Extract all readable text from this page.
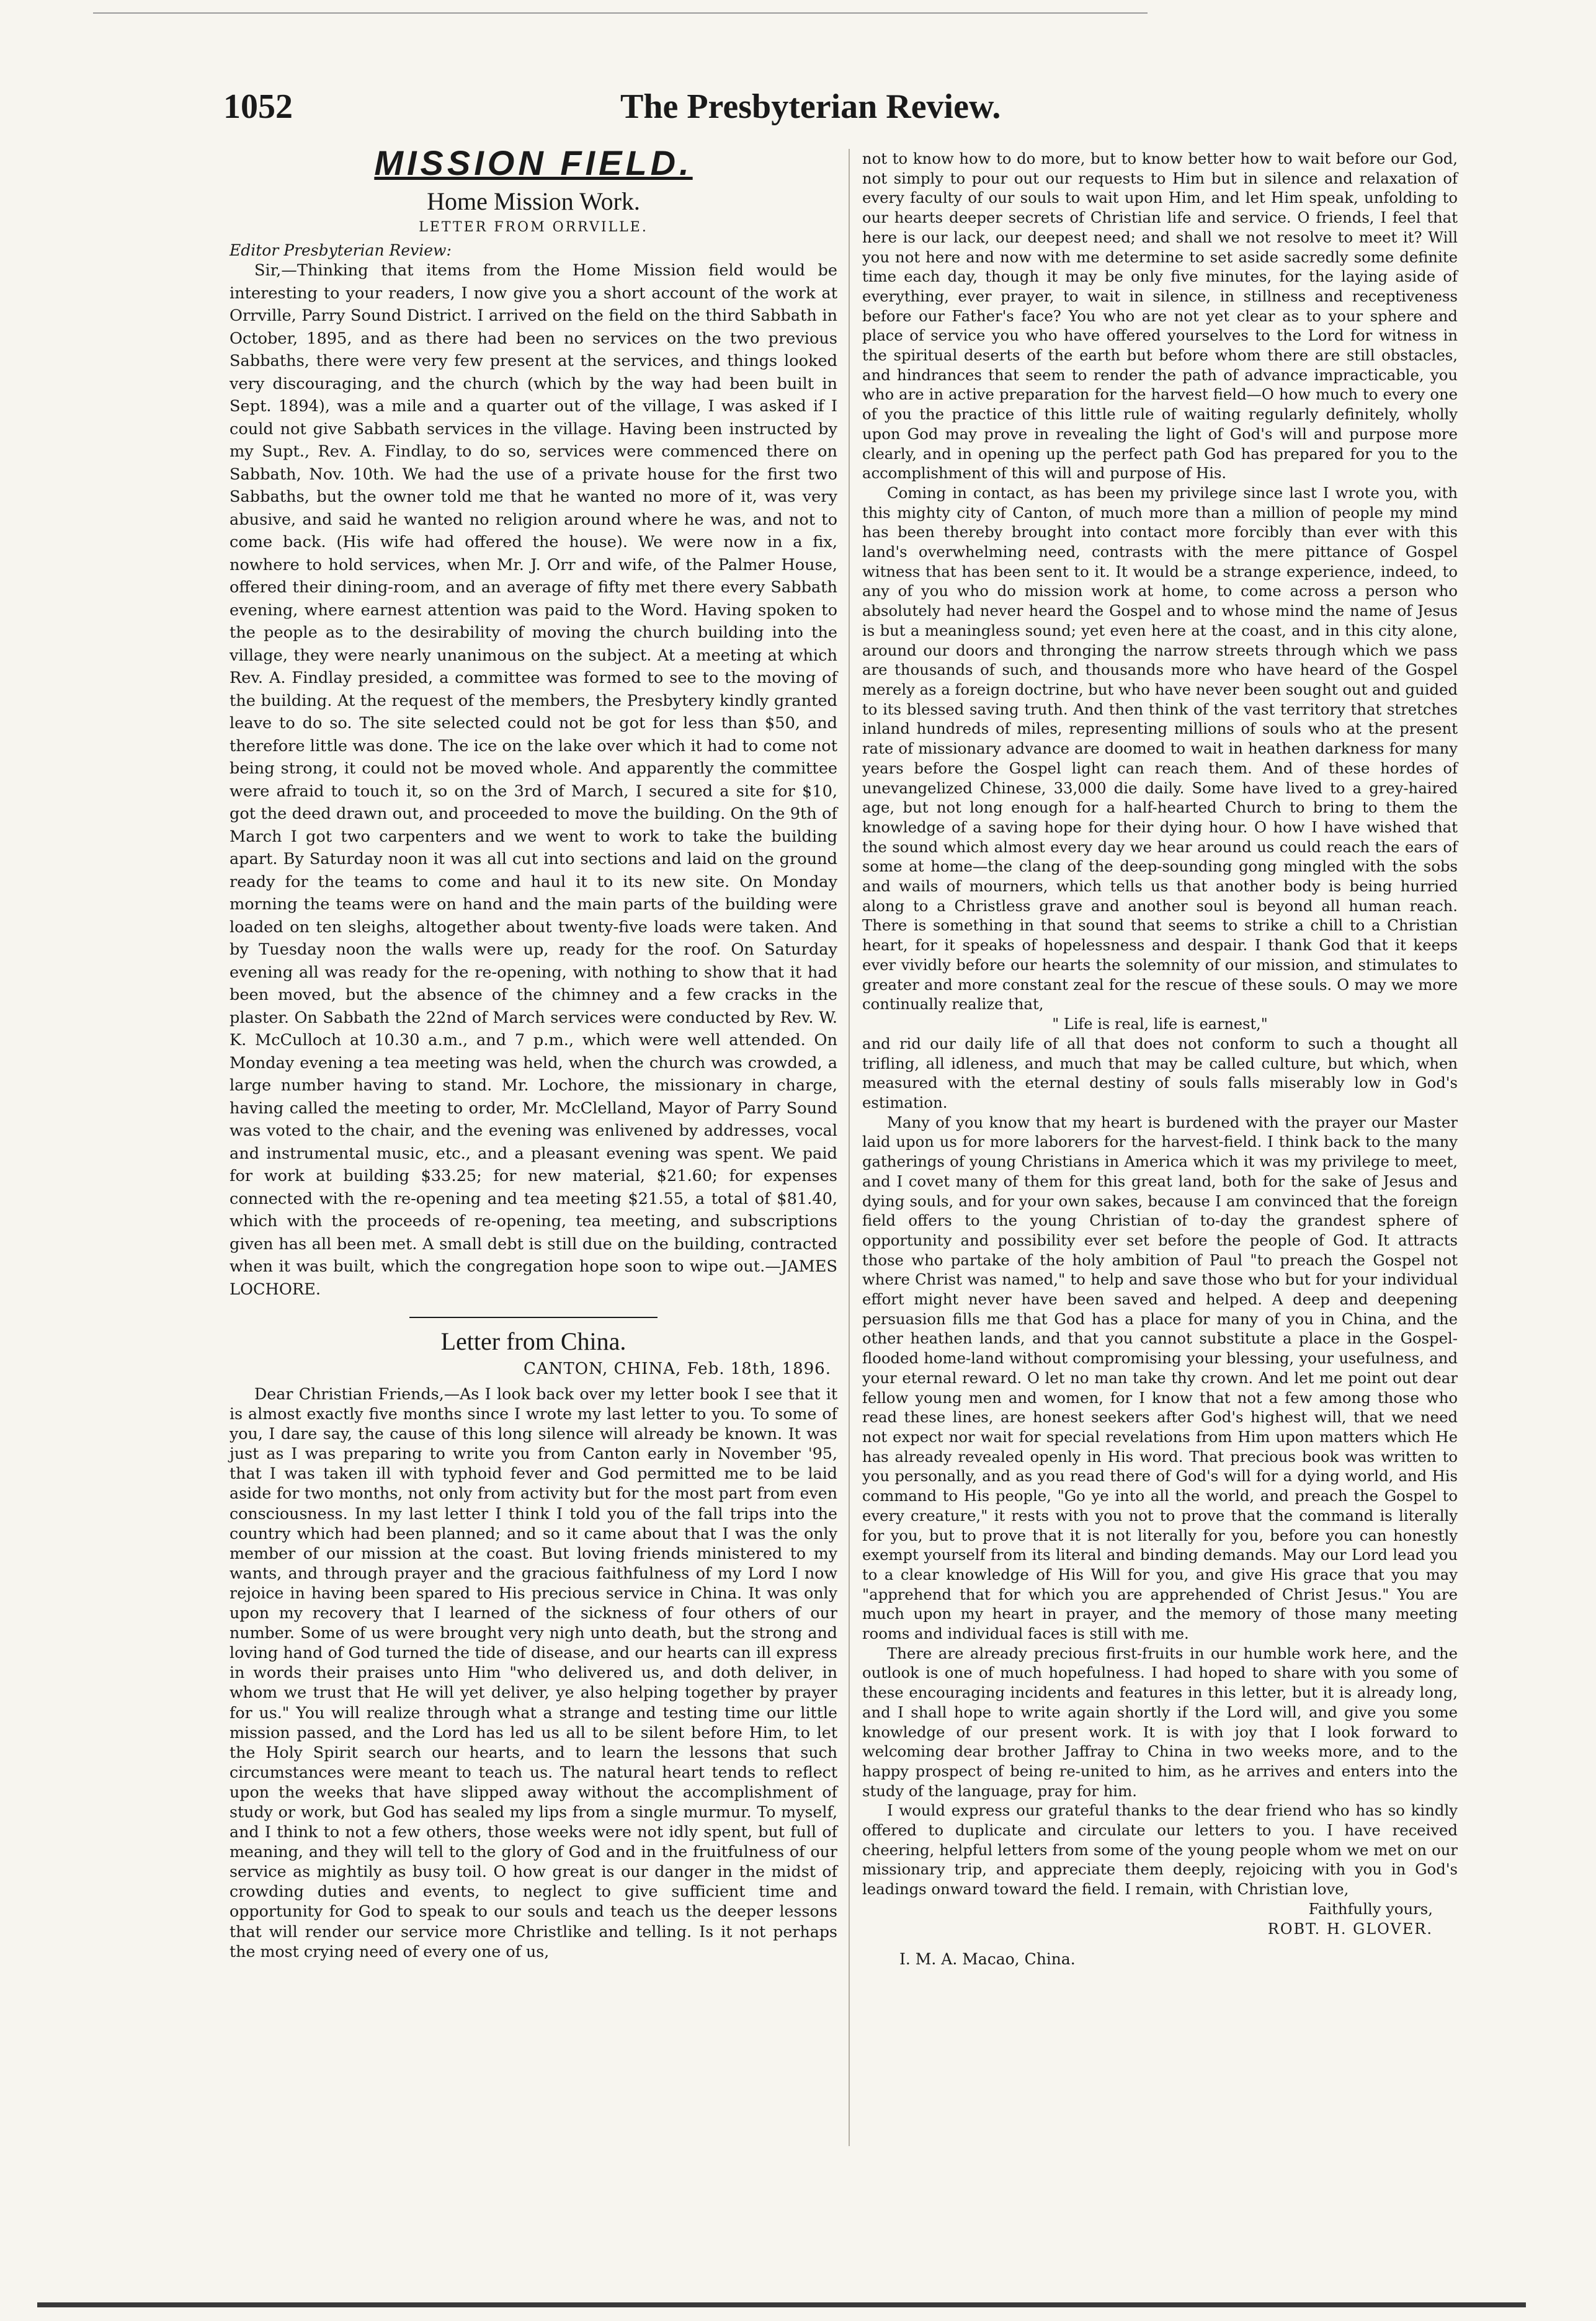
1052	The Presbyterian Review.
MISSION FIELD.
Home Mission Work.
LETTER FROM ORRVILLE.
Editor Presbyterian Review:

Sir,—Thinking that items from the Home Mission field would be interesting to your readers, I now give you a short account of the work at Orrville, Parry Sound District. I arrived on the field on the third Sabbath in October, 1895, and as there had been no services on the two previous Sabbaths, there were very few present at the services, and things looked very discouraging, and the church (which by the way had been built in Sept. 1894), was a mile and a quarter out of the village, I was asked if I could not give Sabbath services in the village. Having been instructed by my Supt., Rev. A. Findlay, to do so, services were commenced there on Sabbath, Nov. 10th. We had the use of a private house for the first two Sabbaths, but the owner told me that he wanted no more of it, was very abusive, and said he wanted no religion around where he was, and not to come back. (His wife had offered the house). We were now in a fix, nowhere to hold services, when Mr. J. Orr and wife, of the Palmer House, offered their dining-room, and an average of fifty met there every Sabbath evening, where earnest attention was paid to the Word. Having spoken to the people as to the desirability of moving the church building into the village, they were nearly unanimous on the subject. At a meeting at which Rev. A. Findlay presided, a committee was formed to see to the moving of the building. At the request of the members, the Presbytery kindly granted leave to do so. The site selected could not be got for less than $50, and therefore little was done. The ice on the lake over which it had to come not being strong, it could not be moved whole. And apparently the committee were afraid to touch it, so on the 3rd of March, I secured a site for $10, got the deed drawn out, and proceeded to move the building. On the 9th of March I got two carpenters and we went to work to take the building apart. By Saturday noon it was all cut into sections and laid on the ground ready for the teams to come and haul it to its new site. On Monday morning the teams were on hand and the main parts of the building were loaded on ten sleighs, altogether about twenty-five loads were taken. And by Tuesday noon the walls were up, ready for the roof. On Saturday evening all was ready for the re-opening, with nothing to show that it had been moved, but the absence of the chimney and a few cracks in the plaster. On Sabbath the 22nd of March services were conducted by Rev. W. K. McCulloch at 10.30 a.m., and 7 p.m., which were well attended. On Monday evening a tea meeting was held, when the church was crowded, a large number having to stand. Mr. Lochore, the missionary in charge, having called the meeting to order, Mr. McClelland, Mayor of Parry Sound was voted to the chair, and the evening was enlivened by addresses, vocal and instrumental music, etc., and a pleasant evening was spent. We paid for work at building $33.25; for new material, $21.60; for expenses connected with the re-opening and tea meeting $21.55, a total of $81.40, which with the proceeds of re-opening, tea meeting, and subscriptions given has all been met. A small debt is still due on the building, contracted when it was built, which the congregation hope soon to wipe out.—JAMES LOCHORE.

Letter from China.
CANTON, CHINA, Feb. 18th, 1896.

Dear Christian Friends,—As I look back over my letter book I see that it is almost exactly five months since I wrote my last letter to you. To some of you, I dare say, the cause of this long silence will already be known. It was just as I was preparing to write you from Canton early in November '95, that I was taken ill with typhoid fever and God permitted me to be laid aside for two months, not only from activity but for the most part from even consciousness. In my last letter I think I told you of the fall trips into the country which had been planned; and so it came about that I was the only member of our mission at the coast. But loving friends ministered to my wants, and through prayer and the gracious faithfulness of my Lord I now rejoice in having been spared to His precious service in China. It was only upon my recovery that I learned of the sickness of four others of our number. Some of us were brought very nigh unto death, but the strong and loving hand of God turned the tide of disease, and our hearts can ill express in words their praises unto Him "who delivered us, and doth deliver, in whom we trust that He will yet deliver, ye also helping together by prayer for us." You will realize through what a strange and testing time our little mission passed, and the Lord has led us all to be silent before Him, to let the Holy Spirit search our hearts, and to learn the lessons that such circumstances were meant to teach us. The natural heart tends to reflect upon the weeks that have slipped away without the accomplishment of study or work, but God has sealed my lips from a single murmur. To myself, and I think to not a few others, those weeks were not idly spent, but full of meaning, and they will tell to the glory of God and in the fruitfulness of our service as mightily as busy toil. O how great is our danger in the midst of crowding duties and events, to neglect to give sufficient time and opportunity for God to speak to our souls and teach us the deeper lessons that will render our service more Christlike and telling. Is it not perhaps the most crying need of every one of us,

not to know how to do more, but to know better how to wait before our God, not simply to pour out our requests to Him but in silence and relaxation of every faculty of our souls to wait upon Him, and let Him speak, unfolding to our hearts deeper secrets of Christian life and service. O friends, I feel that here is our lack, our deepest need; and shall we not resolve to meet it? Will you not here and now with me determine to set aside sacredly some definite time each day, though it may be only five minutes, for the laying aside of everything, ever prayer, to wait in silence, in stillness and receptiveness before our Father's face? You who are not yet clear as to your sphere and place of service you who have offered yourselves to the Lord for witness in the spiritual deserts of the earth but before whom there are still obstacles, and hindrances that seem to render the path of advance impracticable, you who are in active preparation for the harvest field—O how much to every one of you the practice of this little rule of waiting regularly definitely, wholly upon God may prove in revealing the light of God's will and purpose more clearly, and in opening up the perfect path God has prepared for you to the accomplishment of this will and purpose of His.

Coming in contact, as has been my privilege since last I wrote you, with this mighty city of Canton, of much more than a million of people my mind has been thereby brought into contact more forcibly than ever with this land's overwhelming need, contrasts with the mere pittance of Gospel witness that has been sent to it. It would be a strange experience, indeed, to any of you who do mission work at home, to come across a person who absolutely had never heard the Gospel and to whose mind the name of Jesus is but a meaningless sound; yet even here at the coast, and in this city alone, around our doors and thronging the narrow streets through which we pass are thousands of such, and thousands more who have heard of the Gospel merely as a foreign doctrine, but who have never been sought out and guided to its blessed saving truth. And then think of the vast territory that stretches inland hundreds of miles, representing millions of souls who at the present rate of missionary advance are doomed to wait in heathen darkness for many years before the Gospel light can reach them. And of these hordes of unevangelized Chinese, 33,000 die daily. Some have lived to a grey-haired age, but not long enough for a half-hearted Church to bring to them the knowledge of a saving hope for their dying hour. O how I have wished that the sound which almost every day we hear around us could reach the ears of some at home—the clang of the deep-sounding gong mingled with the sobs and wails of mourners, which tells us that another body is being hurried along to a Christless grave and another soul is beyond all human reach. There is something in that sound that seems to strike a chill to a Christian heart, for it speaks of hopelessness and despair. I thank God that it keeps ever vividly before our hearts the solemnity of our mission, and stimulates to greater and more constant zeal for the rescue of these souls. O may we more continually realize that,

" Life is real, life is earnest,"

and rid our daily life of all that does not conform to such a thought all trifling, all idleness, and much that may be called culture, but which, when measured with the eternal destiny of souls falls miserably low in God's estimation.

Many of you know that my heart is burdened with the prayer our Master laid upon us for more laborers for the harvest-field. I think back to the many gatherings of young Christians in America which it was my privilege to meet, and I covet many of them for this great land, both for the sake of Jesus and dying souls, and for your own sakes, because I am convinced that the foreign field offers to the young Christian of to-day the grandest sphere of opportunity and possibility ever set before the people of God. It attracts those who partake of the holy ambition of Paul "to preach the Gospel not where Christ was named," to help and save those who but for your individual effort might never have been saved and helped. A deep and deepening persuasion fills me that God has a place for many of you in China, and the other heathen lands, and that you cannot substitute a place in the Gospel-flooded home-land without compromising your blessing, your usefulness, and your eternal reward. O let no man take thy crown. And let me point out dear fellow young men and women, for I know that not a few among those who read these lines, are honest seekers after God's highest will, that we need not expect nor wait for special revelations from Him upon matters which He has already revealed openly in His word. That precious book was written to you personally, and as you read there of God's will for a dying world, and His command to His people, "Go ye into all the world, and preach the Gospel to every creature," it rests with you not to prove that the command is literally for you, but to prove that it is not literally for you, before you can honestly exempt yourself from its literal and binding demands. May our Lord lead you to a clear knowledge of His Will for you, and give His grace that you may "apprehend that for which you are apprehended of Christ Jesus." You are much upon my heart in prayer, and the memory of those many meeting rooms and individual faces is still with me.

There are already precious first-fruits in our humble work here, and the outlook is one of much hopefulness. I had hoped to share with you some of these encouraging incidents and features in this letter, but it is already long, and I shall hope to write again shortly if the Lord will, and give you some knowledge of our present work. It is with joy that I look forward to welcoming dear brother Jaffray to China in two weeks more, and to the happy prospect of being re-united to him, as he arrives and enters into the study of the language, pray for him.

I would express our grateful thanks to the dear friend who has so kindly offered to duplicate and circulate our letters to you. I have received cheering, helpful letters from some of the young people whom we met on our missionary trip, and appreciate them deeply, rejoicing with you in God's leadings onward toward the field. I remain, with Christian love,

Faithfully yours,
ROBT. H. GLOVER.
I. M. A. Macao, China.
